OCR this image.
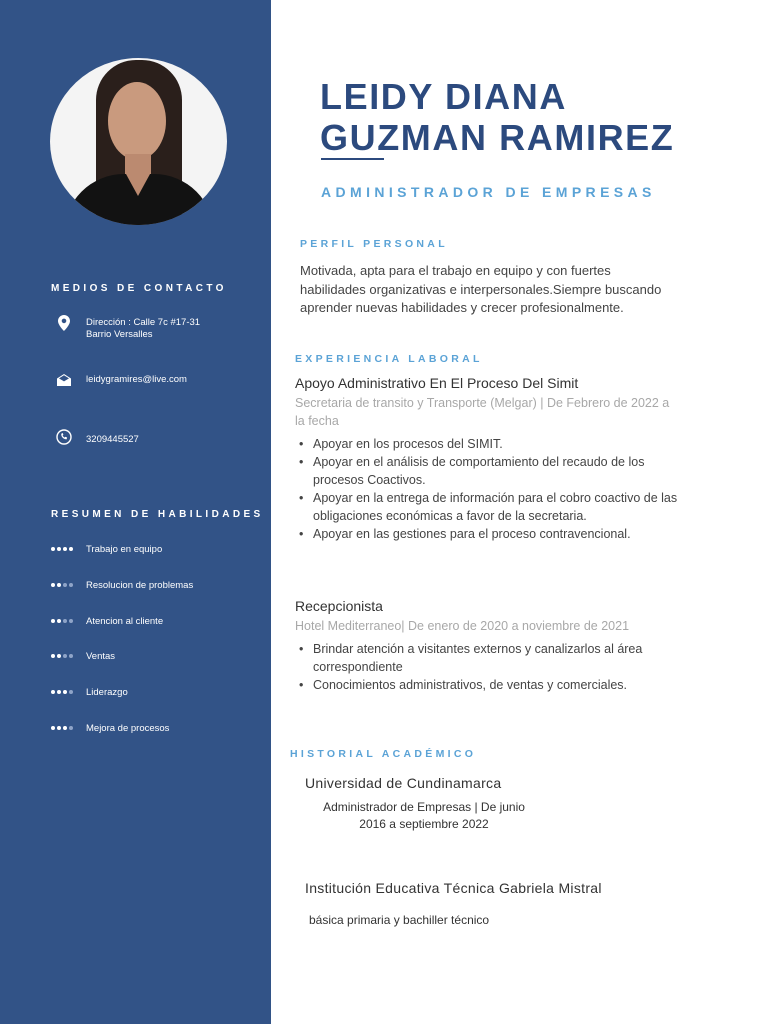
MEDIOS DE CONTACTO
Dirección : Calle 7c #17-31
Barrio Versalles
leidygramires@live.com
3209445527
RESUMEN DE HABILIDADES
Trabajo en equipo
Resolucion de problemas
Atencion al cliente
Ventas
Liderazgo
Mejora de procesos
LEIDY DIANA
GUZMAN RAMIREZ
ADMINISTRADOR DE EMPRESAS
PERFIL PERSONAL
Motivada, apta para el trabajo en equipo y con fuertes habilidades organizativas e interpersonales.Siempre buscando aprender nuevas habilidades y crecer profesionalmente.
EXPERIENCIA LABORAL
Apoyo Administrativo En El Proceso Del Simit
Secretaria de transito y Transporte (Melgar) | De Febrero de 2022 a la fecha
• Apoyar en los procesos del SIMIT.
• Apoyar en el análisis de comportamiento del recaudo de los procesos Coactivos.
• Apoyar en la entrega de información para el cobro coactivo de las obligaciones económicas a favor de la secretaria.
• Apoyar en las gestiones para el proceso contravencional.
Recepcionista
Hotel Mediterraneo| De enero de 2020 a noviembre de 2021
• Brindar atención a visitantes externos y canalizarlos al área correspondiente
• Conocimientos administrativos, de ventas y comerciales.
HISTORIAL ACADÉMICO
Universidad de Cundinamarca
Administrador de Empresas | De junio
2016 a septiembre 2022
Institución Educativa Técnica Gabriela Mistral
básica primaria y bachiller técnico
